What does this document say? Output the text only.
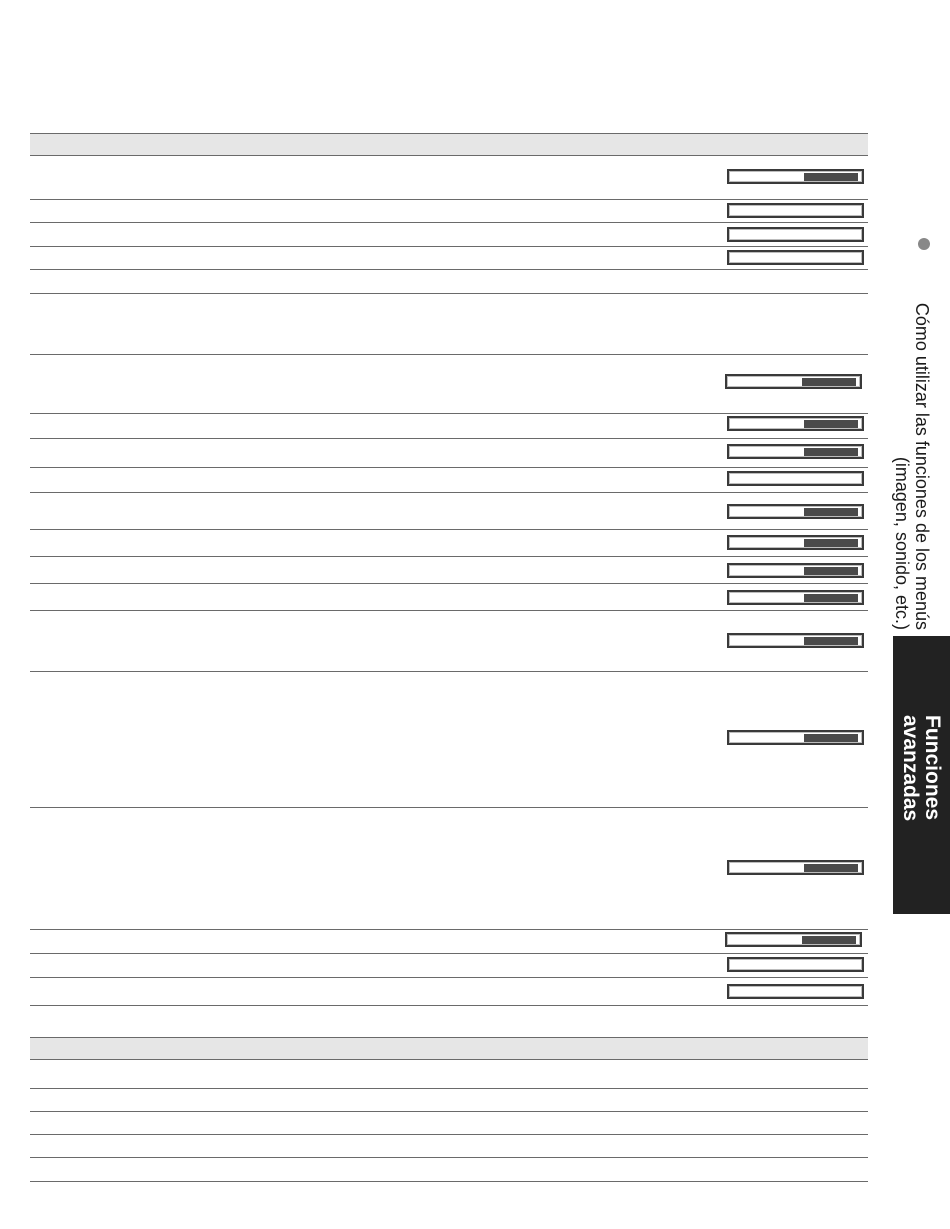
Cómo utilizar las funciones de los menús
(imagen, sonido, etc.)
Funciones
avanzadas
